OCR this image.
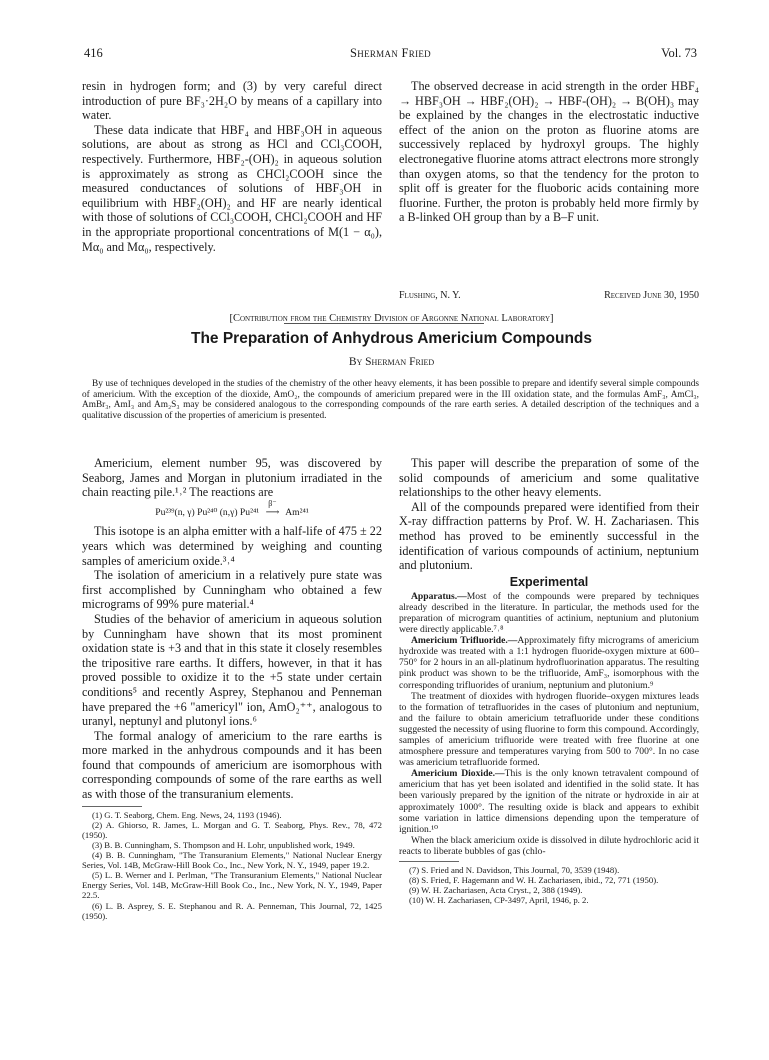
416	Sherman Fried	Vol. 73

resin in hydrogen form; and (3) by very careful direct introduction of pure BF₃·2H₂O by means of a capillary into water.

These data indicate that HBF₄ and HBF₃OH in aqueous solutions, are about as strong as HCl and CCl₃COOH, respectively. Furthermore, HBF₂-(OH)₂ in aqueous solution is approximately as strong as CHCl₂COOH since the measured conductances of solutions of HBF₃OH in equilibrium with HBF₂(OH)₂ and HF are nearly identical with those of solutions of CCl₃COOH, CHCl₂COOH and HF in the appropriate proportional concentrations of M(1 − α₀), Mα₀ and Mα₀, respectively.

The observed decrease in acid strength in the order HBF₄ → HBF₃OH → HBF₂(OH)₂ → HBF-(OH)₂ → B(OH)₃ may be explained by the changes in the electrostatic inductive effect of the anion on the proton as fluorine atoms are successively replaced by hydroxyl groups. The highly electronegative fluorine atoms attract electrons more strongly than oxygen atoms, so that the tendency for the proton to split off is greater for the fluoboric acids containing more fluorine. Further, the proton is probably held more firmly by a B-linked OH group than by a B–F unit.

Flushing, N. Y.	Received June 30, 1950
[Contribution from the Chemistry Division of Argonne National Laboratory]
The Preparation of Anhydrous Americium Compounds
By Sherman Fried
By use of techniques developed in the studies of the chemistry of the other heavy elements, it has been possible to prepare and identify several simple compounds of americium. With the exception of the dioxide, AmO₂, the compounds of americium prepared were in the III oxidation state, and the formulas AmF₃, AmCl₃, AmBr₃, AmI₃ and Am₂S₃ may be considered analogous to the corresponding compounds of the rare earth series. A detailed description of the techniques and a qualitative discussion of the properties of americium is presented.

Americium, element number 95, was discovered by Seaborg, James and Morgan in plutonium irradiated in the chain reacting pile.¹˒² The reactions are

Pu²³⁹(n, γ) Pu²⁴⁰ (n,γ) Pu²⁴¹
β⁻
⟶ Am²⁴¹

This isotope is an alpha emitter with a half-life of 475 ± 22 years which was determined by weighing and counting samples of americium oxide.³˒⁴

The isolation of americium in a relatively pure state was first accomplished by Cunningham who obtained a few micrograms of 99% pure material.⁴

Studies of the behavior of americium in aqueous solution by Cunningham have shown that its most prominent oxidation state is +3 and that in this state it closely resembles the tripositive rare earths. It differs, however, in that it has proved possible to oxidize it to the +5 state under certain conditions⁵ and recently Asprey, Stephanou and Penneman have prepared the +6 "americyl" ion, AmO₂⁺⁺, analogous to uranyl, neptunyl and plutonyl ions.⁶

The formal analogy of americium to the rare earths is more marked in the anhydrous compounds and it has been found that compounds of americium are isomorphous with corresponding compounds of some of the rare earths as well as with those of the transuranium elements.

(1) G. T. Seaborg, Chem. Eng. News, 24, 1193 (1946).

(2) A. Ghiorso, R. James, L. Morgan and G. T. Seaborg, Phys. Rev., 78, 472 (1950).

(3) B. B. Cunningham, S. Thompson and H. Lohr, unpublished work, 1949.

(4) B. B. Cunningham, "The Transuranium Elements," National Nuclear Energy Series, Vol. 14B, McGraw-Hill Book Co., Inc., New York, N. Y., 1949, paper 19.2.

(5) L. B. Werner and I. Perlman, "The Transuranium Elements," National Nuclear Energy Series, Vol. 14B, McGraw-Hill Book Co., Inc., New York, N. Y., 1949, Paper 22.5.

(6) L. B. Asprey, S. E. Stephanou and R. A. Penneman, This Journal, 72, 1425 (1950).

This paper will describe the preparation of some of the solid compounds of americium and some qualitative relationships to the other heavy elements.

All of the compounds prepared were identified from their X-ray diffraction patterns by Prof. W. H. Zachariasen. This method has proved to be eminently successful in the identification of various compounds of actinium, neptunium and plutonium.

Experimental

Apparatus.—Most of the compounds were prepared by techniques already described in the literature. In particular, the methods used for the preparation of microgram quantities of actinium, neptunium and plutonium were directly applicable.⁷˒⁸

Americium Trifluoride.—Approximately fifty micrograms of americium hydroxide was treated with a 1:1 hydrogen fluoride-oxygen mixture at 600–750° for 2 hours in an all-platinum hydrofluorination apparatus. The resulting pink product was shown to be the trifluoride, AmF₃, isomorphous with the corresponding trifluorides of uranium, neptunium and plutonium.⁹

The treatment of dioxides with hydrogen fluoride–oxygen mixtures leads to the formation of tetrafluorides in the cases of plutonium and neptunium, and the failure to obtain americium tetrafluoride under these conditions suggested the necessity of using fluorine to form this compound. Accordingly, samples of americium trifluoride were treated with free fluorine at one atmosphere pressure and temperatures varying from 500 to 700°. In no case was americium tetrafluoride formed.

Americium Dioxide.—This is the only known tetravalent compound of americium that has yet been isolated and identified in the solid state. It has been variously prepared by the ignition of the nitrate or hydroxide in air at approximately 1000°. The resulting oxide is black and appears to exhibit some variation in lattice dimensions depending upon the temperature of ignition.¹⁰

When the black americium oxide is dissolved in dilute hydrochloric acid it reacts to liberate bubbles of gas (chlo-

(7) S. Fried and N. Davidson, This Journal, 70, 3539 (1948).

(8) S. Fried, F. Hagemann and W. H. Zachariasen, ibid., 72, 771 (1950).

(9) W. H. Zachariasen, Acta Cryst., 2, 388 (1949).

(10) W. H. Zachariasen, CP-3497, April, 1946, p. 2.
